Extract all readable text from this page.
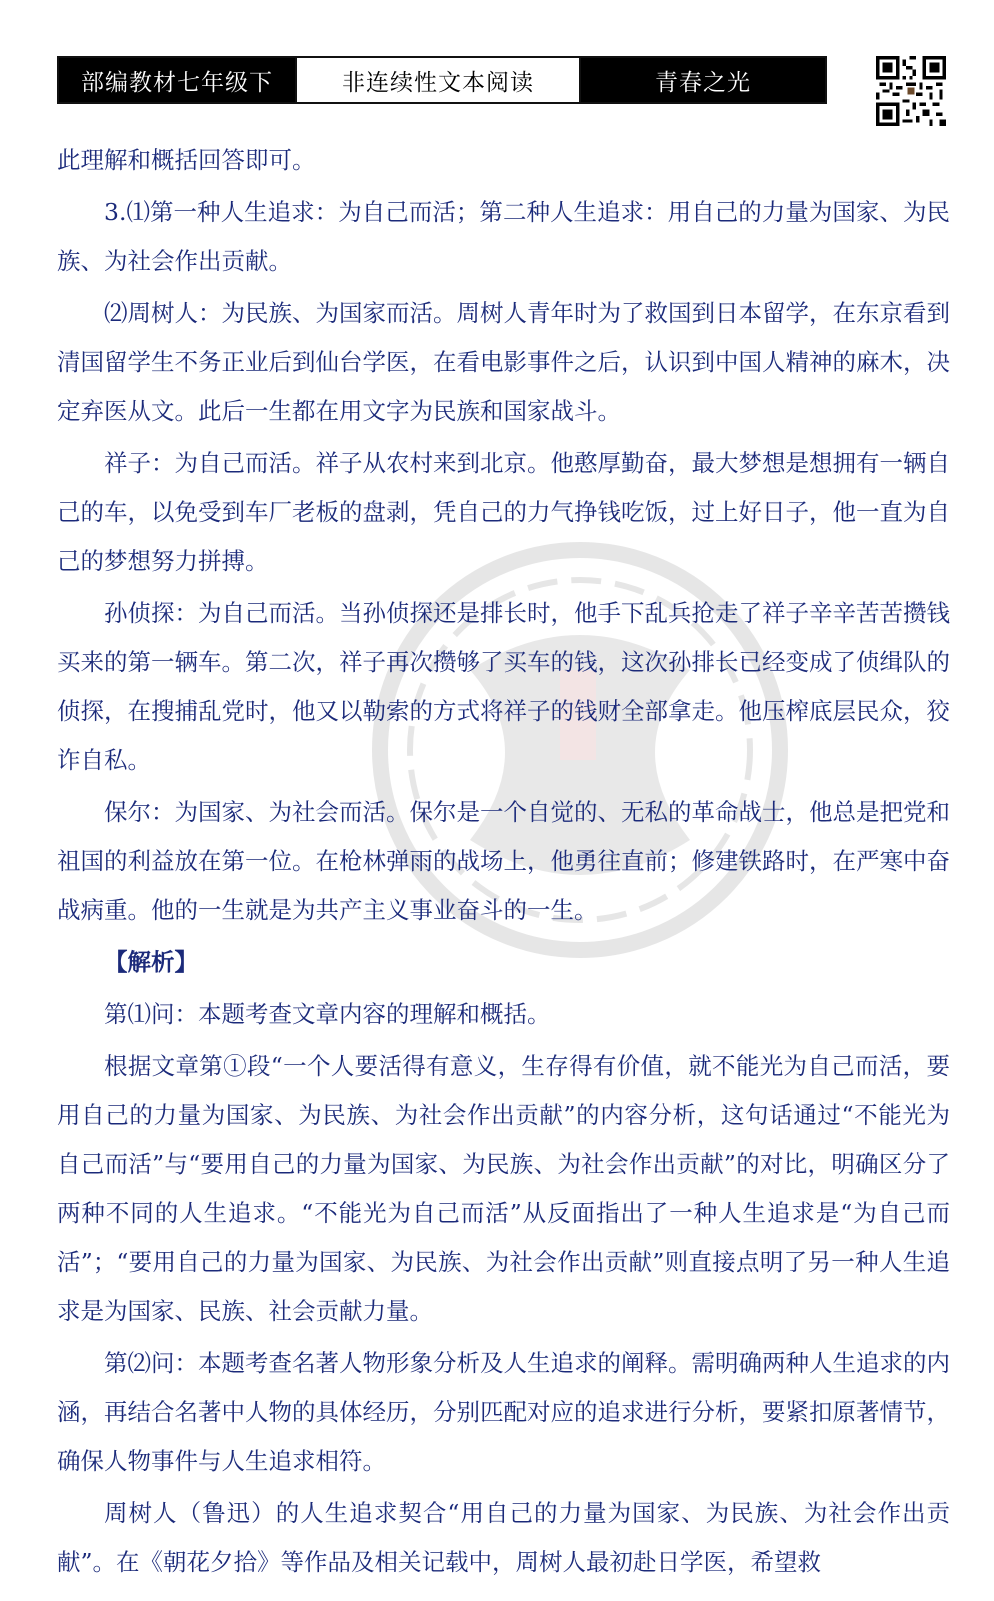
部编教材七年级下	非连续性文本阅读	青春之光

此理解和概括回答即可。

3.⑴第一种人生追求：为自己而活；第二种人生追求：用自己的力量为国家、为民族、为社会作出贡献。

⑵周树人：为民族、为国家而活。周树人青年时为了救国到日本留学，在东京看到清国留学生不务正业后到仙台学医，在看电影事件之后，认识到中国人精神的麻木，决定弃医从文。此后一生都在用文字为民族和国家战斗。

祥子：为自己而活。祥子从农村来到北京。他憨厚勤奋，最大梦想是想拥有一辆自己的车，以免受到车厂老板的盘剥，凭自己的力气挣钱吃饭，过上好日子，他一直为自己的梦想努力拼搏。

孙侦探：为自己而活。当孙侦探还是排长时，他手下乱兵抢走了祥子辛辛苦苦攒钱买来的第一辆车。第二次，祥子再次攒够了买车的钱，这次孙排长已经变成了侦缉队的侦探，在搜捕乱党时，他又以勒索的方式将祥子的钱财全部拿走。他压榨底层民众，狡诈自私。

保尔：为国家、为社会而活。保尔是一个自觉的、无私的革命战士，他总是把党和祖国的利益放在第一位。在枪林弹雨的战场上，他勇往直前；修建铁路时，在严寒中奋战病重。他的一生就是为共产主义事业奋斗的一生。

【解析】

第⑴问：本题考查文章内容的理解和概括。

根据文章第①段“一个人要活得有意义，生存得有价值，就不能光为自己而活，要用自己的力量为国家、为民族、为社会作出贡献”的内容分析，这句话通过“不能光为自己而活”与“要用自己的力量为国家、为民族、为社会作出贡献”的对比，明确区分了两种不同的人生追求。“不能光为自己而活”从反面指出了一种人生追求是“为自己而活”；“要用自己的力量为国家、为民族、为社会作出贡献”则直接点明了另一种人生追求是为国家、民族、社会贡献力量。

第⑵问：本题考查名著人物形象分析及人生追求的阐释。需明确两种人生追求的内涵，再结合名著中人物的具体经历，分别匹配对应的追求进行分析，要紧扣原著情节，确保人物事件与人生追求相符。

周树人（鲁迅）的人生追求契合“用自己的力量为国家、为民族、为社会作出贡献”。在《朝花夕拾》等作品及相关记载中，周树人最初赴日学医，希望救
